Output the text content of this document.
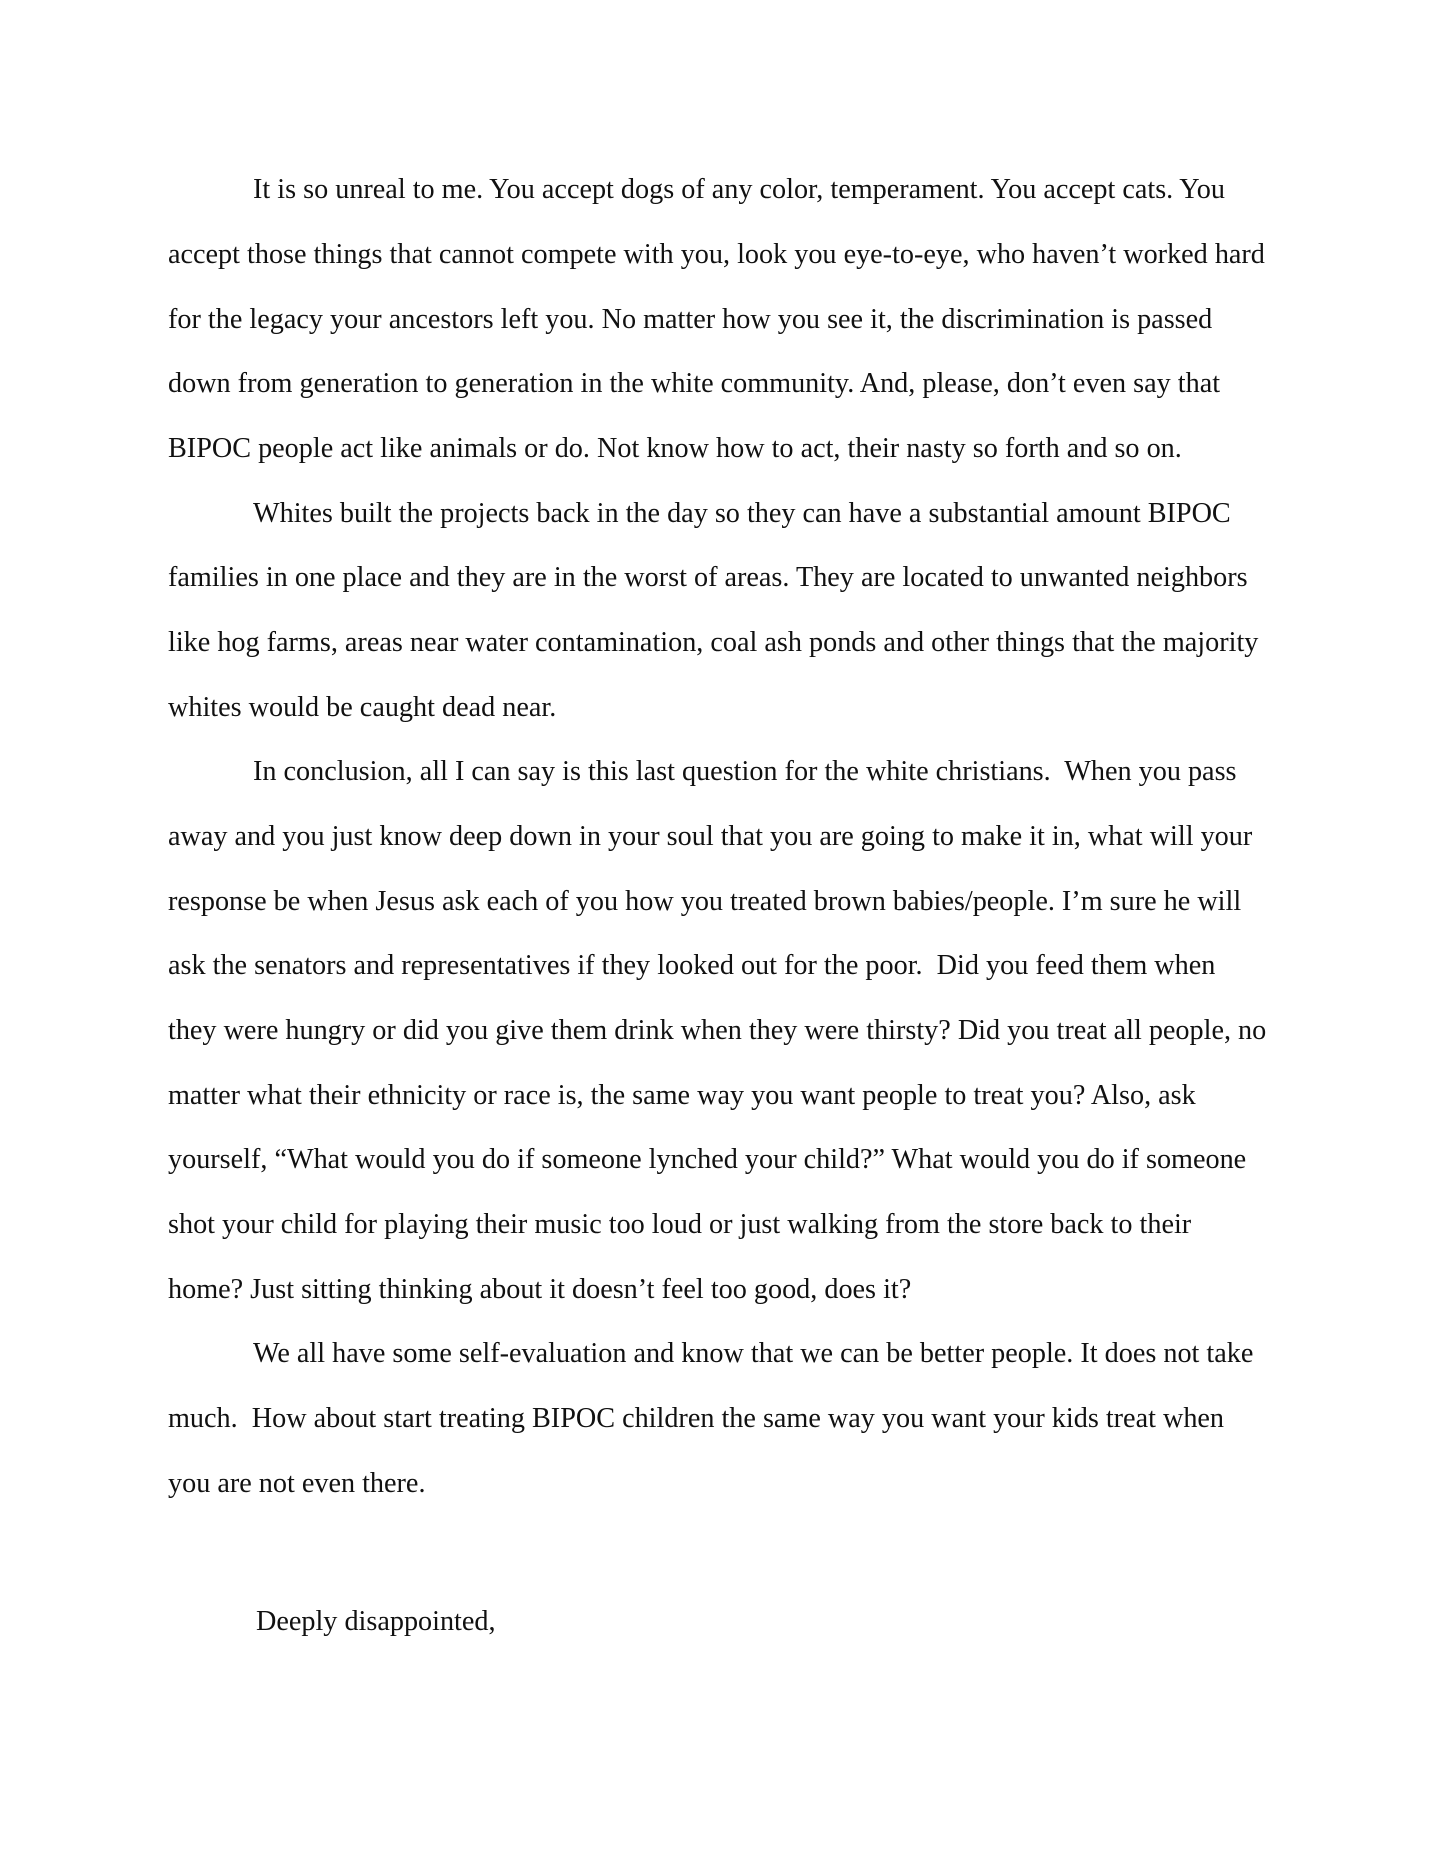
It is so unreal to me. You accept dogs of any color, temperament. You accept cats. You
accept those things that cannot compete with you, look you eye-to-eye, who haven’t worked hard
for the legacy your ancestors left you. No matter how you see it, the discrimination is passed
down from generation to generation in the white community. And, please, don’t even say that
BIPOC people act like animals or do. Not know how to act, their nasty so forth and so on.
Whites built the projects back in the day so they can have a substantial amount BIPOC
families in one place and they are in the worst of areas. They are located to unwanted neighbors
like hog farms, areas near water contamination, coal ash ponds and other things that the majority
whites would be caught dead near.
In conclusion, all I can say is this last question for the white christians.  When you pass
away and you just know deep down in your soul that you are going to make it in, what will your
response be when Jesus ask each of you how you treated brown babies/people. I’m sure he will
ask the senators and representatives if they looked out for the poor.  Did you feed them when
they were hungry or did you give them drink when they were thirsty? Did you treat all people, no
matter what their ethnicity or race is, the same way you want people to treat you? Also, ask
yourself, “What would you do if someone lynched your child?” What would you do if someone
shot your child for playing their music too loud or just walking from the store back to their
home? Just sitting thinking about it doesn’t feel too good, does it?
We all have some self-evaluation and know that we can be better people. It does not take
much.  How about start treating BIPOC children the same way you want your kids treat when
you are not even there.
Deeply disappointed,
